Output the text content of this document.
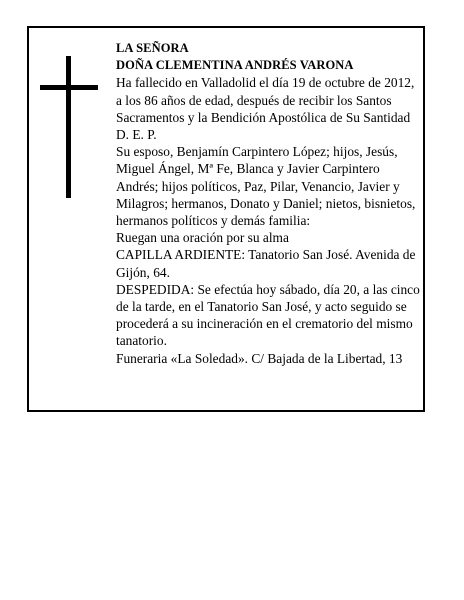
LA SEÑORA

DOÑA CLEMENTINA ANDRÉS VARONA

Ha fallecido en Valladolid el día 19 de octubre de 2012, a los 86 años de edad, después de recibir los Santos Sacramentos y la Bendición Apostólica de Su Santidad D. E. P.

Su esposo, Benjamín Carpintero López; hijos, Jesús, Miguel Ángel, Mª Fe, Blanca y Javier Carpintero Andrés; hijos políticos, Paz, Pilar, Venancio, Javier y Milagros; hermanos, Donato y Daniel; nietos, bisnietos, hermanos políticos y demás familia:

Ruegan una oración por su alma

CAPILLA ARDIENTE: Tanatorio San José. Avenida de Gijón, 64.

DESPEDIDA: Se efectúa hoy sábado, día 20, a las cinco de la tarde, en el Tanatorio San José, y acto seguido se procederá a su incineración en el crematorio del mismo tanatorio.

Funeraria «La Soledad». C/ Bajada de la Libertad, 13
